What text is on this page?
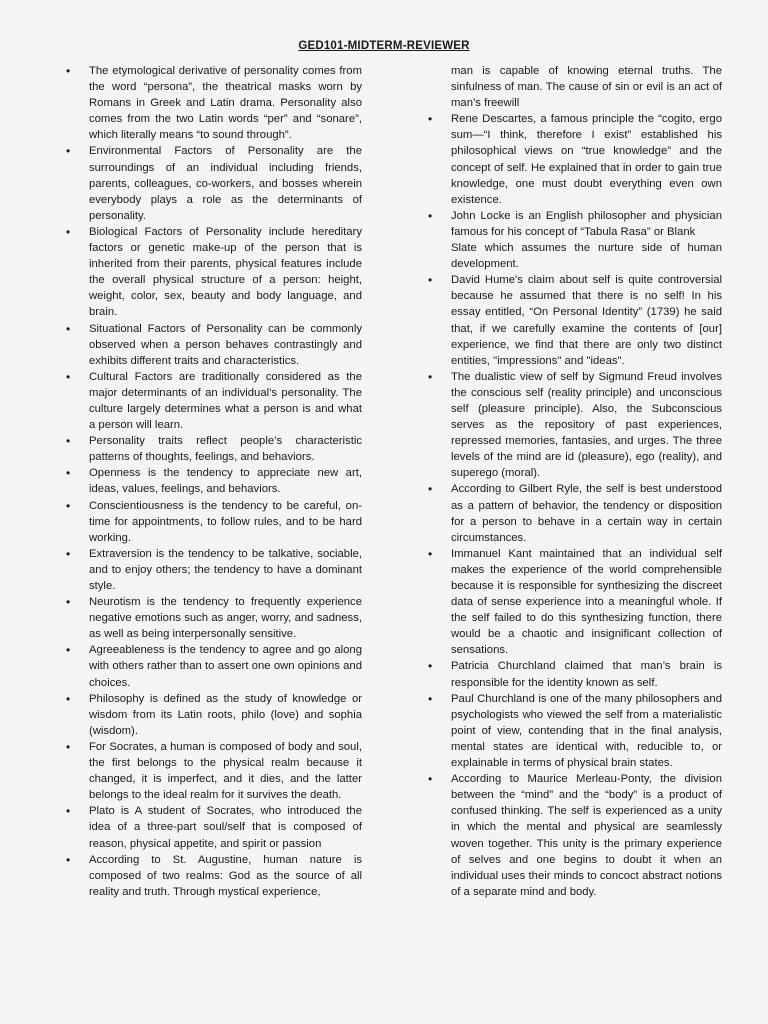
GED101-MIDTERM-REVIEWER
• The etymological derivative of personality comes from the word “persona”, the theatrical masks worn by Romans in Greek and Latin drama. Personality also comes from the two Latin words “per” and “sonare”, which literally means “to sound through”.
• Environmental Factors of Personality are the surroundings of an individual including friends, parents, colleagues, co-workers, and bosses wherein everybody plays a role as the determinants of personality.
• Biological Factors of Personality include hereditary factors or genetic make-up of the person that is inherited from their parents, physical features include the overall physical structure of a person: height, weight, color, sex, beauty and body language, and brain.
• Situational Factors of Personality can be commonly observed when a person behaves contrastingly and exhibits different traits and characteristics.
• Cultural Factors are traditionally considered as the major determinants of an individual’s personality. The culture largely determines what a person is and what a person will learn.
• Personality traits reflect people’s characteristic patterns of thoughts, feelings, and behaviors.
• Openness is the tendency to appreciate new art, ideas, values, feelings, and behaviors.
• Conscientiousness is the tendency to be careful, on-time for appointments, to follow rules, and to be hard working.
• Extraversion is the tendency to be talkative, sociable, and to enjoy others; the tendency to have a dominant style.
• Neurotism is the tendency to frequently experience negative emotions such as anger, worry, and sadness, as well as being interpersonally sensitive.
• Agreeableness is the tendency to agree and go along with others rather than to assert one own opinions and choices.
• Philosophy is defined as the study of knowledge or wisdom from its Latin roots, philo (love) and sophia (wisdom).
• For Socrates, a human is composed of body and soul, the first belongs to the physical realm because it changed, it is imperfect, and it dies, and the latter belongs to the ideal realm for it survives the death.
• Plato is A student of Socrates, who introduced the idea of a three-part soul/self that is composed of reason, physical appetite, and spirit or passion
• According to St. Augustine, human nature is composed of two realms: God as the source of all reality and truth. Through mystical experience,
man is capable of knowing eternal truths. The sinfulness of man. The cause of sin or evil is an act of man’s freewill
• Rene Descartes, a famous principle the “cogito, ergo sum—“I think, therefore I exist” established his philosophical views on “true knowledge” and the concept of self. He explained that in order to gain true knowledge, one must doubt everything even own existence.
• John Locke is an English philosopher and physician famous for his concept of “Tabula Rasa” or Blank
Slate which assumes the nurture side of human development.
• David Hume's claim about self is quite controversial because he assumed that there is no self! In his essay entitled, “On Personal Identity” (1739) he said that, if we carefully examine the contents of [our] experience, we find that there are only two distinct entities, "impressions" and "ideas".
• The dualistic view of self by Sigmund Freud involves the conscious self (reality principle) and unconscious self (pleasure principle). Also, the Subconscious serves as the repository of past experiences, repressed memories, fantasies, and urges. The three levels of the mind are id (pleasure), ego (reality), and superego (moral).
• According to Gilbert Ryle, the self is best understood as a pattern of behavior, the tendency or disposition for a person to behave in a certain way in certain circumstances.
• Immanuel Kant maintained that an individual self makes the experience of the world comprehensible because it is responsible for synthesizing the discreet data of sense experience into a meaningful whole. If the self failed to do this synthesizing function, there would be a chaotic and insignificant collection of sensations.
• Patricia Churchland claimed that man’s brain is responsible for the identity known as self.
• Paul Churchland is one of the many philosophers and psychologists who viewed the self from a materialistic point of view, contending that in the final analysis, mental states are identical with, reducible to, or explainable in terms of physical brain states.
• According to Maurice Merleau-Ponty, the division between the “mind” and the “body” is a product of confused thinking. The self is experienced as a unity in which the mental and physical are seamlessly woven together. This unity is the primary experience of selves and one begins to doubt it when an individual uses their minds to concoct abstract notions of a separate mind and body.
